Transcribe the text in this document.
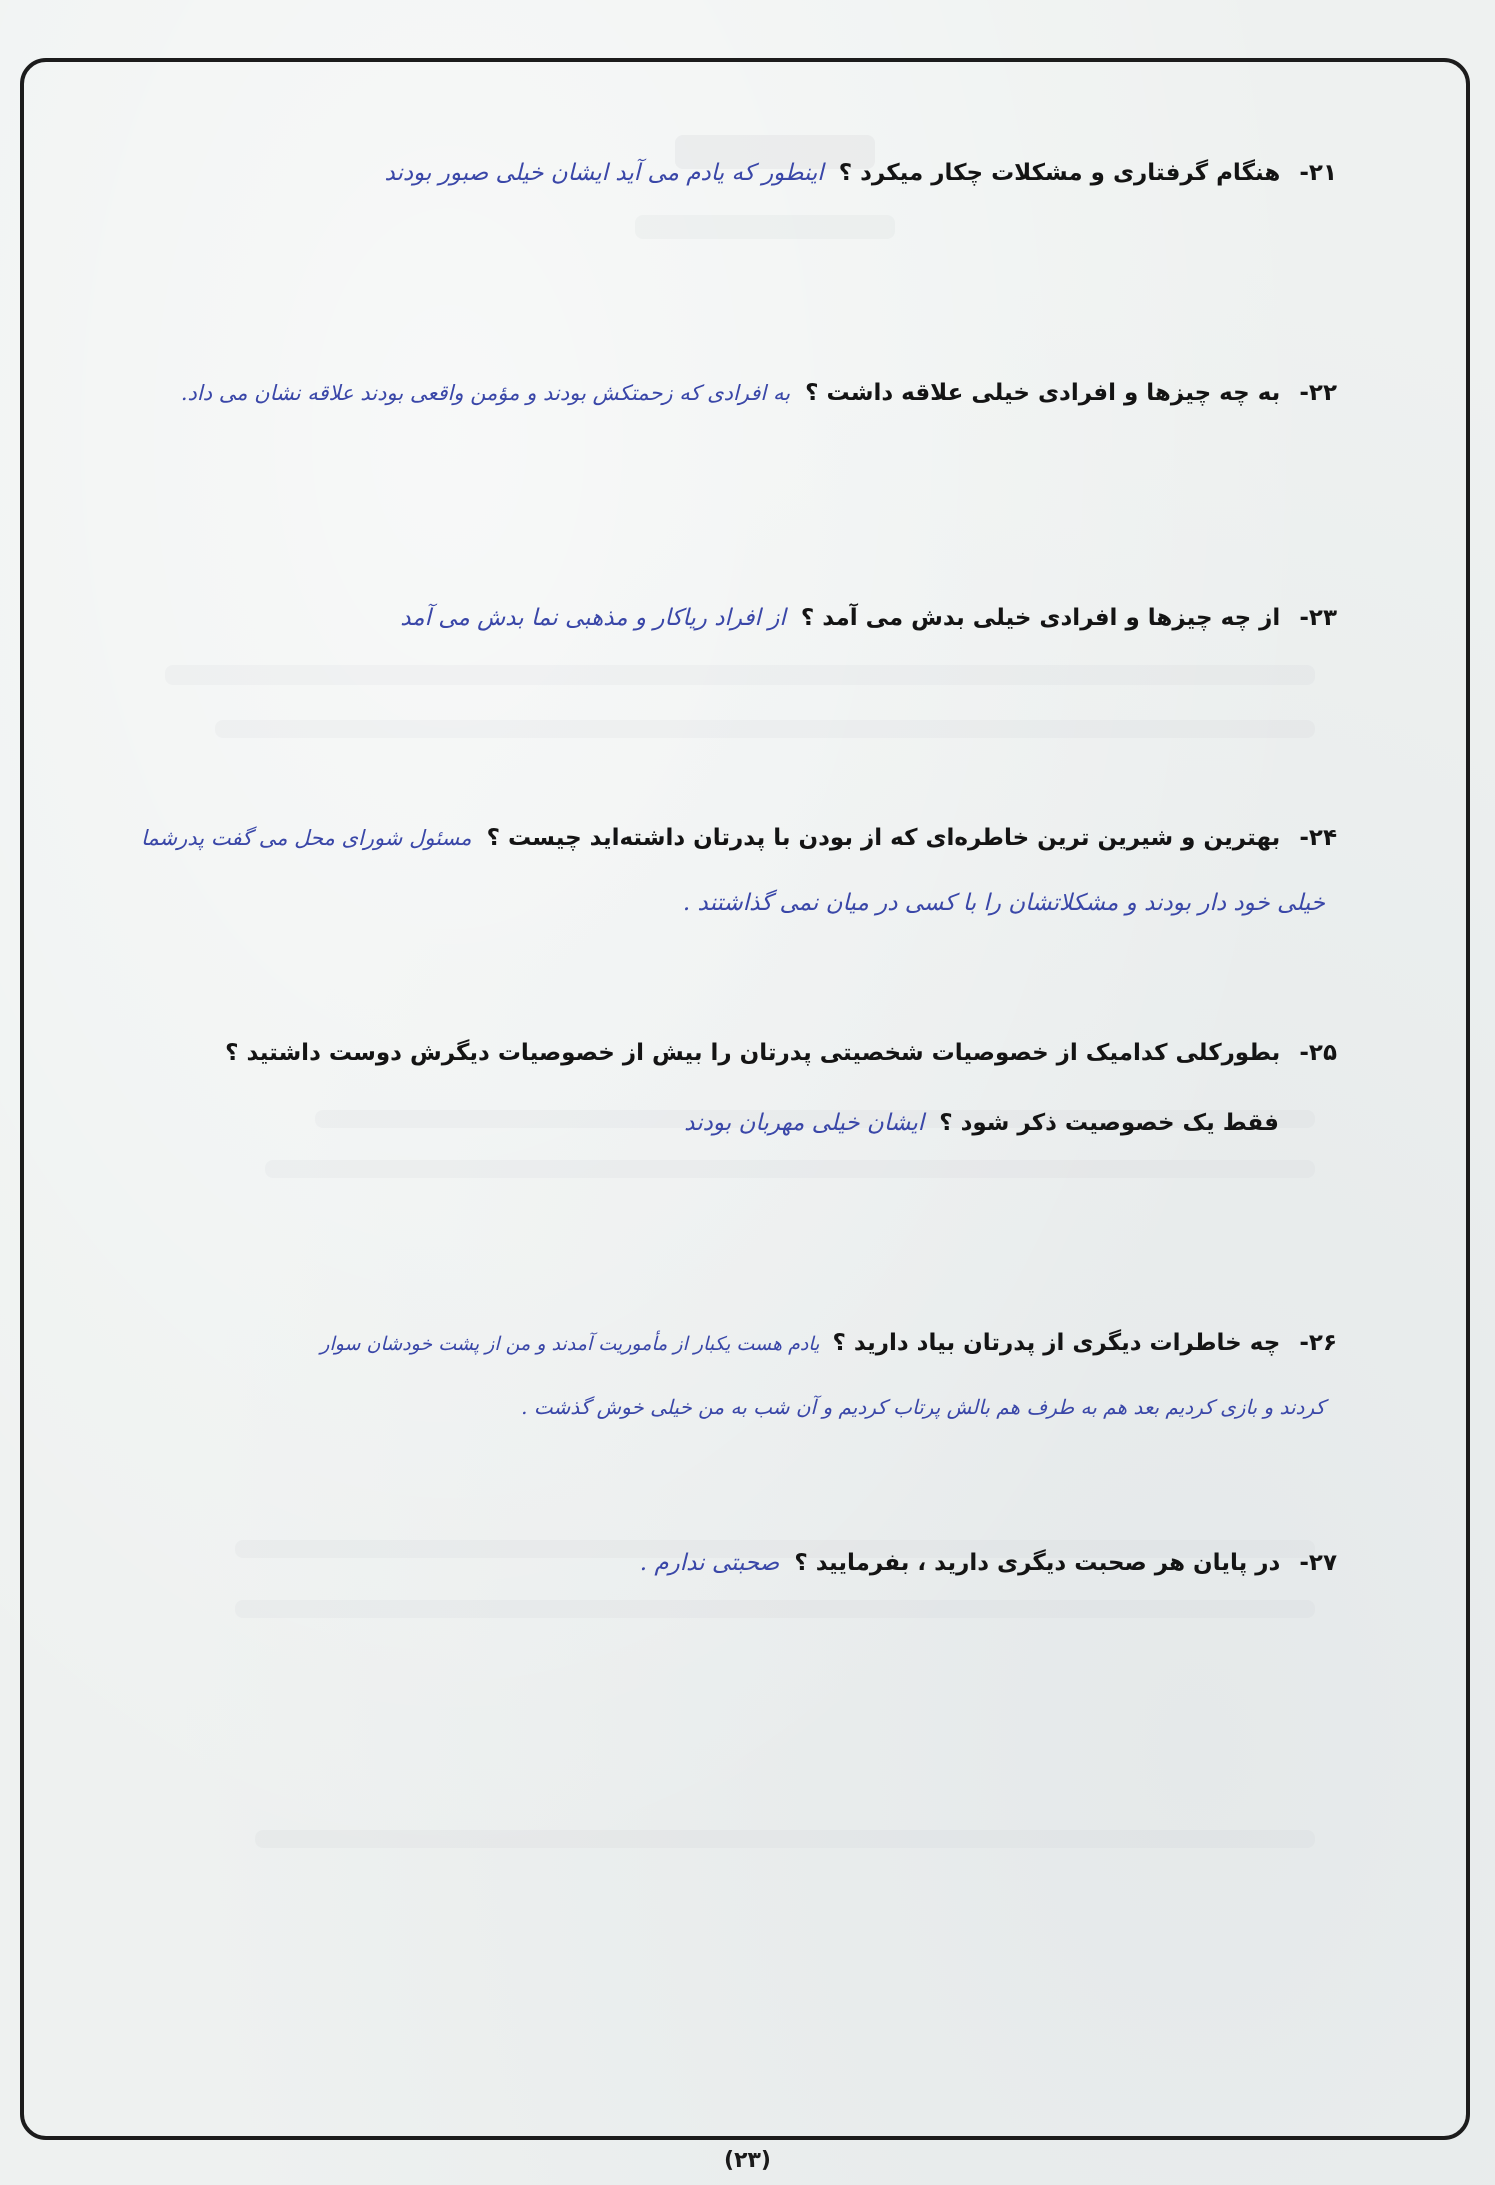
۲۱- هنگام گرفتاری و مشکلات چکار میکرد ؟ اینطور که یادم می آید ایشان خیلی صبور بودند
۲۲- به چه چیزها و افرادی خیلی علاقه داشت ؟ به افرادی که زحمتکش بودند و مؤمن واقعی بودند علاقه نشان می داد.
۲۳- از چه چیزها و افرادی خیلی بدش می آمد ؟ از افراد ریاکار و مذهبی نما بدش می آمد
۲۴- بهترین و شیرین ترین خاطره‌ای که از بودن با پدرتان داشته‌اید چیست ؟ مسئول شورای محل می گفت پدرشما
خیلی خود دار بودند و مشکلاتشان را با کسی در میان نمی گذاشتند .
۲۵- بطورکلی کدامیک از خصوصیات شخصیتی پدرتان را بیش از خصوصیات دیگرش دوست داشتید ؟
فقط یک خصوصیت ذکر شود ؟ ایشان خیلی مهربان بودند
۲۶- چه خاطرات دیگری از پدرتان بیاد دارید ؟ یادم هست یکبار از مأموریت آمدند و من از پشت خودشان سوار
کردند و بازی کردیم بعد هم به طرف هم بالش پرتاب کردیم و آن شب به من خیلی خوش گذشت .
۲۷- در پایان هر صحبت دیگری دارید ، بفرمایید ؟ صحبتی ندارم .
(۲۳)
